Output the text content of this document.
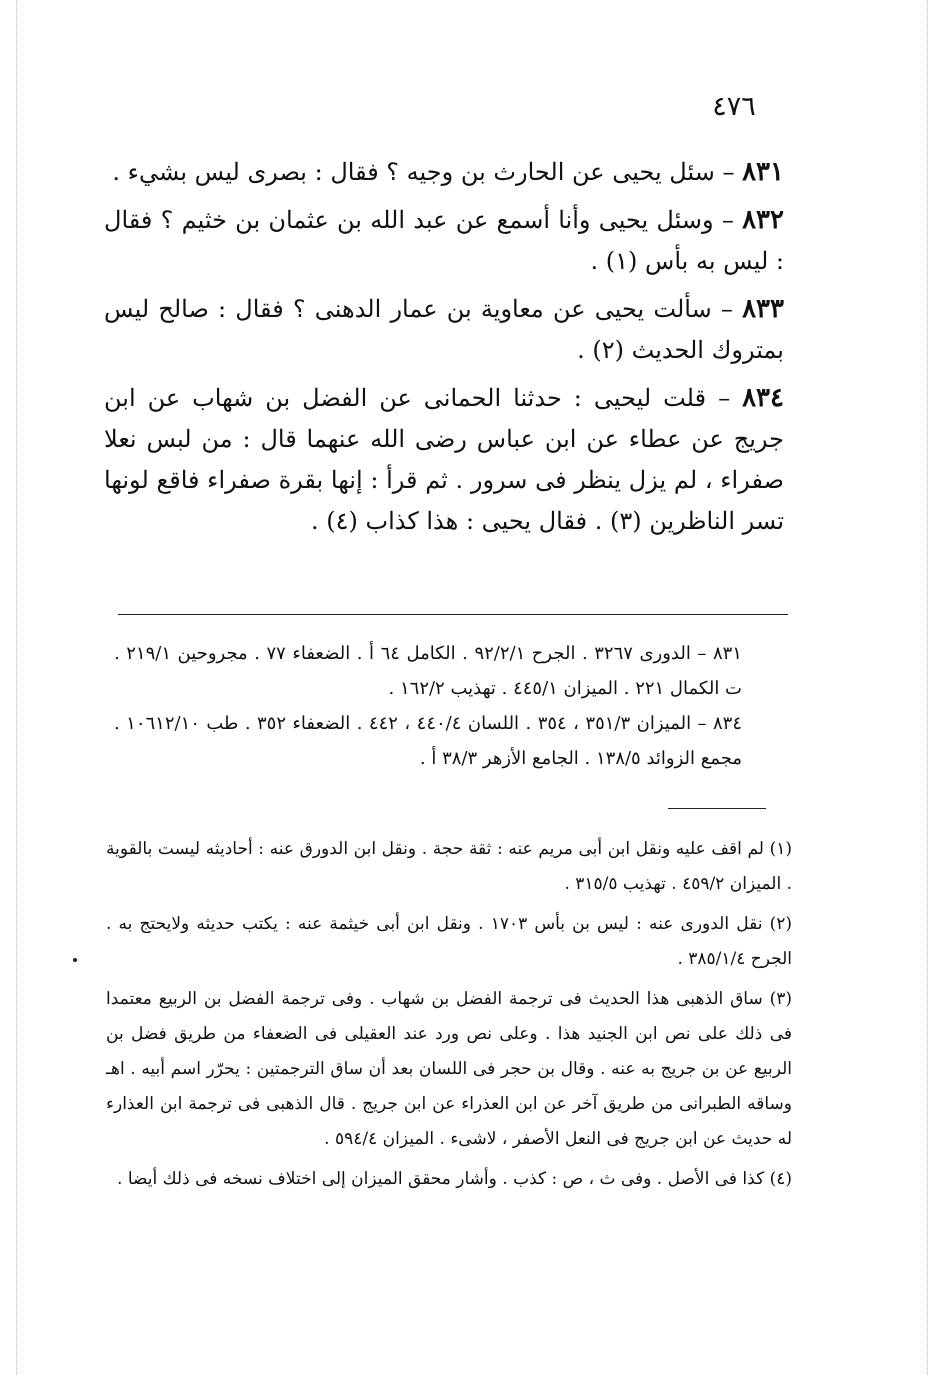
٤٧٦

٨٣١ – سئل يحيى عن الحارث بن وجيه ؟ فقال : بصرى ليس بشيء .

٨٣٢ – وسئل يحيى وأنا أسمع عن عبد الله بن عثمان بن خثيم ؟ فقال : ليس به بأس (١) .

٨٣٣ – سألت يحيى عن معاوية بن عمار الدهنى ؟ فقال : صالح ليس بمتروك الحديث (٢) .

٨٣٤ – قلت ليحيى : حدثنا الحمانى عن الفضل بن شهاب عن ابن جريج عن عطاء عن ابن عباس رضى الله عنهما قال : من لبس نعلا صفراء ، لم يزل ينظر فى سرور . ثم قرأ : إنها بقرة صفراء فاقع لونها تسر الناظرين (٣) . فقال يحيى : هذا كذاب (٤) .

٨٣١ – الدورى ٣٢٦٧ . الجرح ٩٢/٢/١ . الكامل ٦٤ أ . الضعفاء ٧٧ . مجروحين ٢١٩/١ . ت الكمال ٢٢١ . الميزان ٤٤٥/١ . تهذيب ١٦٢/٢ .

٨٣٤ – الميزان ٣٥١/٣ ، ٣٥٤ . اللسان ٤٤٠/٤ ، ٤٤٢ . الضعفاء ٣٥٢ . طب ١٠٦١٢/١٠ . مجمع الزوائد ١٣٨/٥ . الجامع الأزهر ٣٨/٣ أ .

(١) لم اقف عليه ونقل ابن أبى مريم عنه : ثقة حجة . ونقل ابن الدورق عنه : أحاديثه ليست بالقوية . الميزان ٤٥٩/٢ . تهذيب ٣١٥/٥ .

(٢) نقل الدورى عنه : ليس بن بأس ١٧٠٣ . ونقل ابن أبى خيثمة عنه : يكتب حديثه ولايحتج به . الجرح ٣٨٥/١/٤ .

(٣) ساق الذهبى هذا الحديث فى ترجمة الفضل بن شهاب . وفى ترجمة الفضل بن الربيع معتمدا فى ذلك على نص ابن الجنيد هذا . وعلى نص ورد عند العقيلى فى الضعفاء من طريق فضل بن الربيع عن بن جريج به عنه . وقال بن حجر فى اللسان بعد أن ساق الترجمتين : يحرّر اسم أبيه . اهـ وساقه الطبرانى من طريق آخر عن ابن العذراء عن ابن جريج . قال الذهبى فى ترجمة ابن العذارء له حديث عن ابن جريج فى النعل الأصفر ، لاشىء . الميزان ٥٩٤/٤ .

(٤) كذا فى الأصل . وفى ث ، ص : كذب . وأشار محقق الميزان إلى اختلاف نسخه فى ذلك أيضا .
